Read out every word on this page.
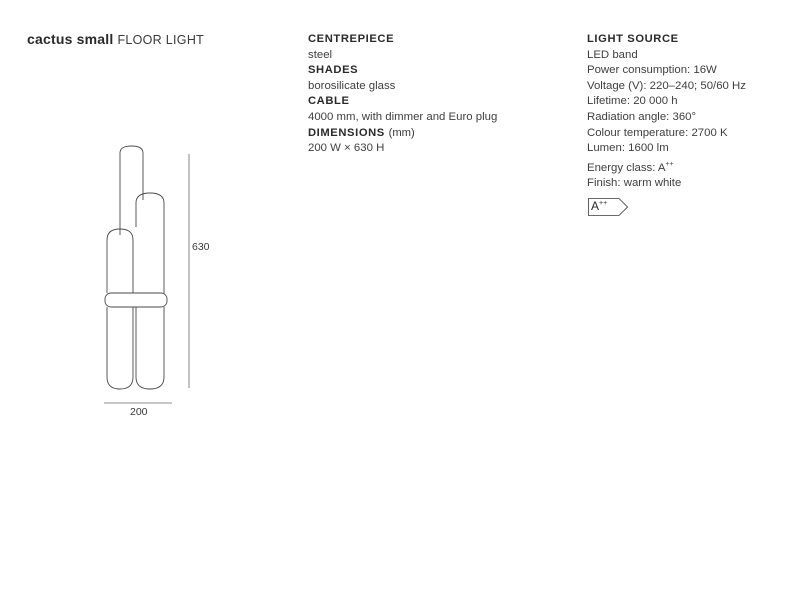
cactus small FLOOR LIGHT	CENTREPIECE
steel
SHADES
borosilicate glass
CABLE
4000 mm, with dimmer and Euro plug
DIMENSIONS (mm)
200 W × 630 H
LIGHT SOURCE
LED band
Power consumption: 16W
Voltage (V): 220–240; 50/60 Hz
Lifetime: 20 000 h
Radiation angle: 360°
Colour temperature: 2700 K
Lumen: 1600 lm
Energy class: A++
Finish: warm white
A++
630
200
